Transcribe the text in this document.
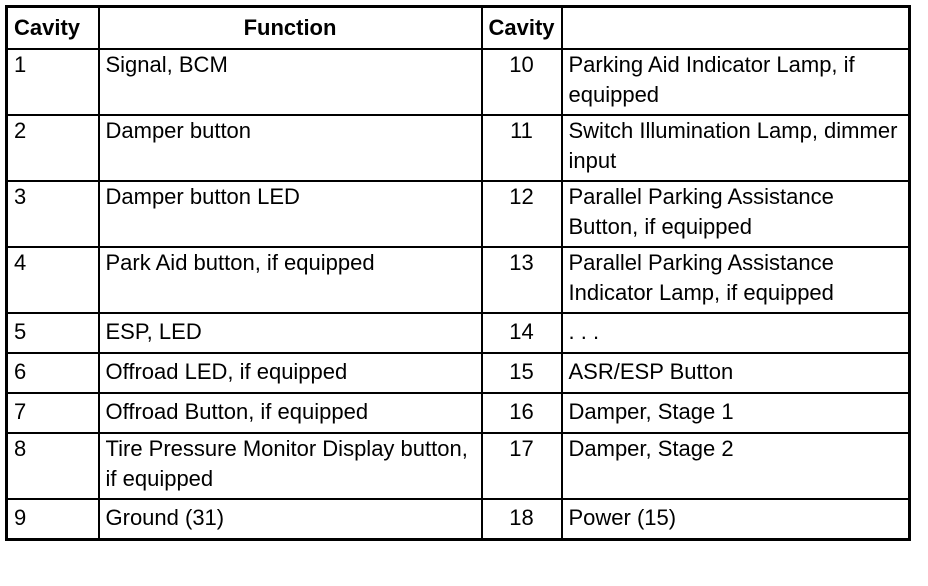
Cavity	Function	Cavity	
1	Signal, BCM	10	Parking Aid Indicator Lamp, if equipped
2	Damper button	11	Switch Illumination Lamp, dimmer input
3	Damper button LED	12	Parallel Parking Assistance Button, if equipped
4	Park Aid button, if equipped	13	Parallel Parking Assistance Indicator Lamp, if equipped
5	ESP, LED	14	. . .
6	Offroad LED, if equipped	15	ASR/ESP Button
7	Offroad Button, if equipped	16	Damper, Stage 1
8	Tire Pressure Monitor Display button, if equipped	17	Damper, Stage 2
9	Ground (31)	18	Power (15)
